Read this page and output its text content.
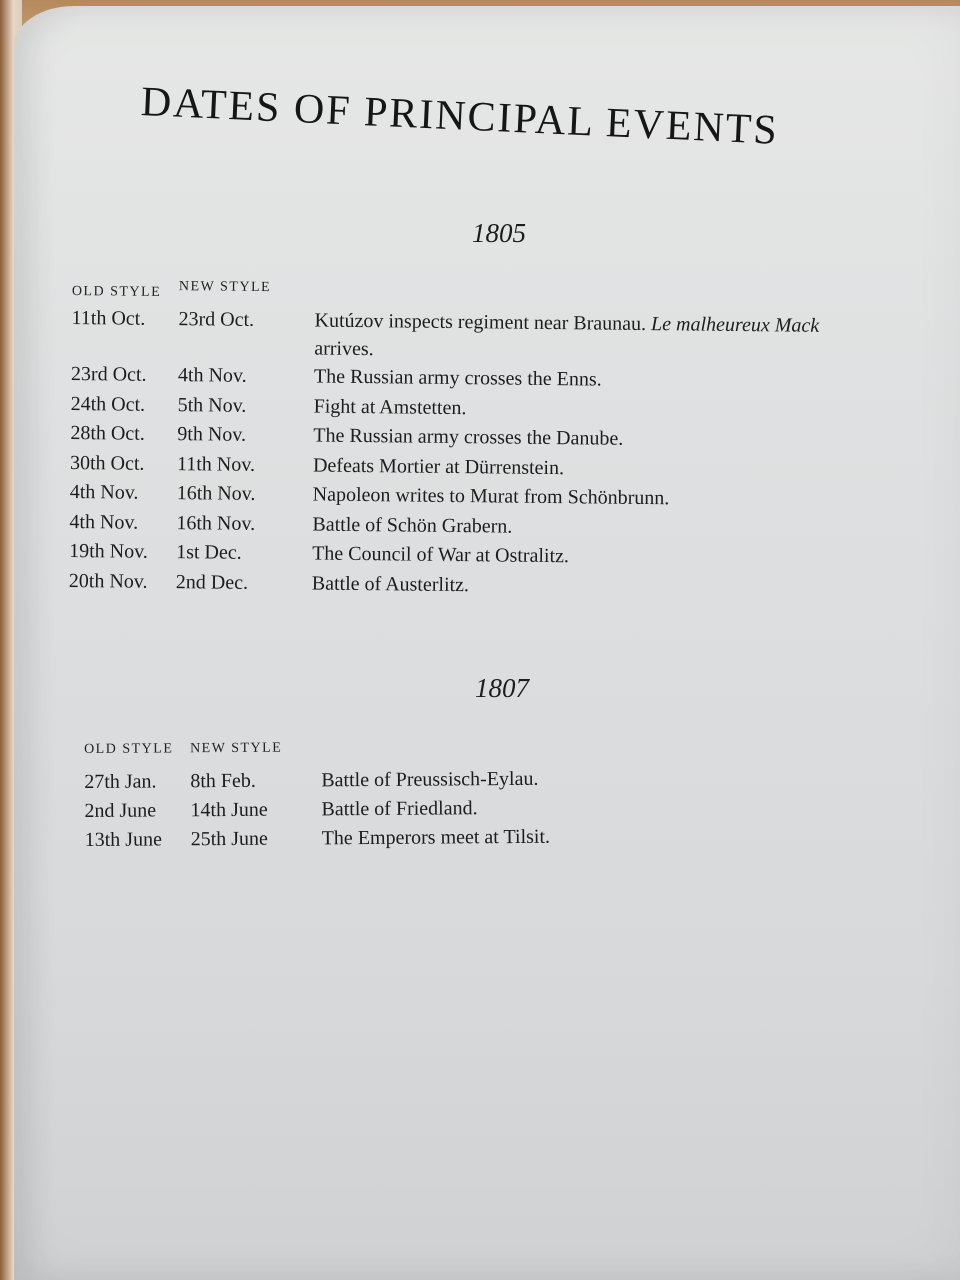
DATES OF PRINCIPAL EVENTS
1805
OLD STYLE NEW STYLE
11th Oct. 23rd Oct.	Kutúzov inspects regiment near Braunau. Le malheureux Mack
arrives.
23rd Oct. 4th Nov.	The Russian army crosses the Enns.
24th Oct. 5th Nov.	Fight at Amstetten.
28th Oct. 9th Nov.	The Russian army crosses the Danube.
30th Oct. 11th Nov.	Defeats Mortier at Dürrenstein.
4th Nov. 16th Nov.	Napoleon writes to Murat from Schönbrunn.
4th Nov. 16th Nov.	Battle of Schön Grabern.
19th Nov. 1st Dec.	The Council of War at Ostralitz.
20th Nov. 2nd Dec.	Battle of Austerlitz.
1807
OLD STYLE NEW STYLE
27th Jan. 8th Feb.	Battle of Preussisch-Eylau.
2nd June 14th June	Battle of Friedland.
13th June 25th June	The Emperors meet at Tilsit.
